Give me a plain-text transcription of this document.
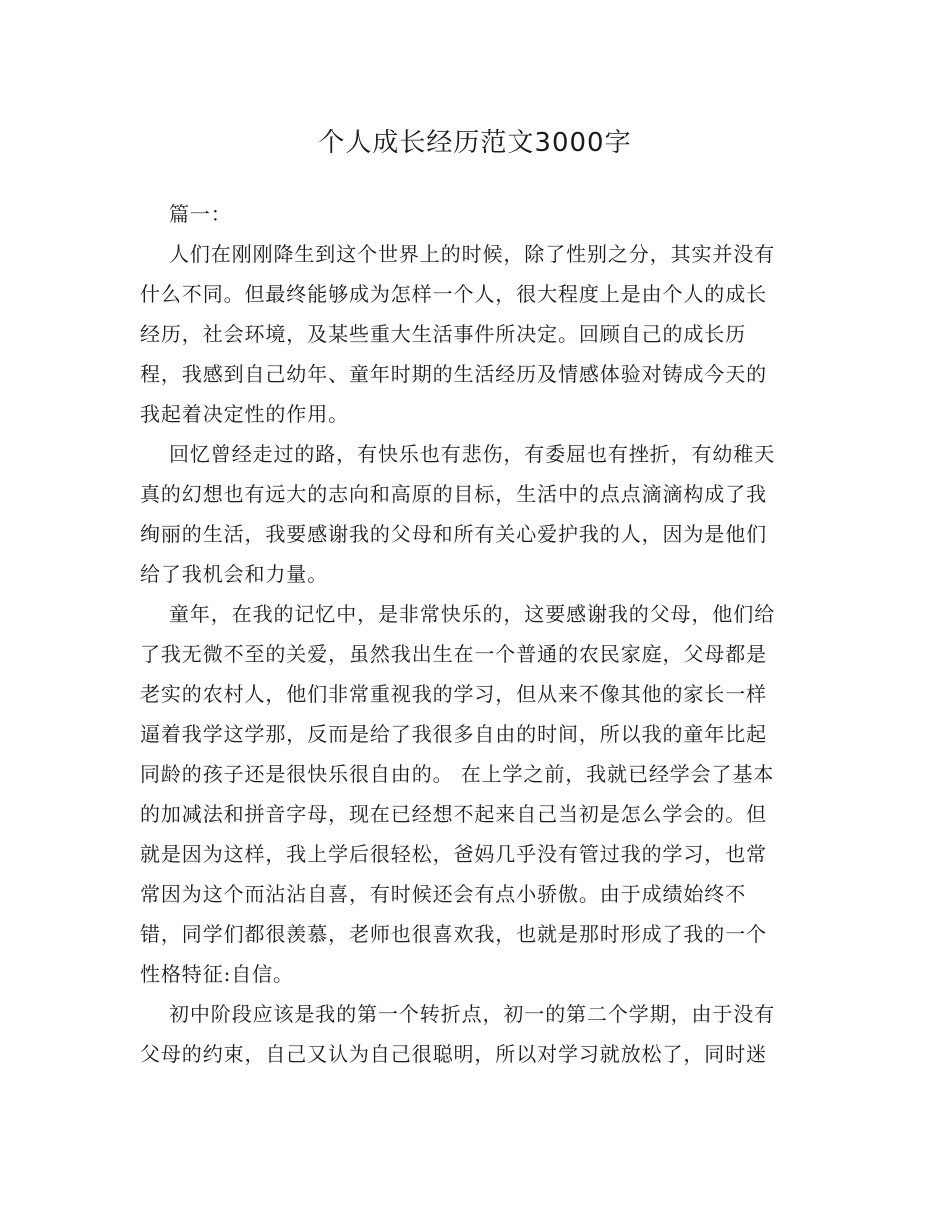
个人成长经历范文3000字
篇一：
人们在刚刚降生到这个世界上的时候，除了性别之分，其实并没有
什么不同。但最终能够成为怎样一个人，很大程度上是由个人的成长
经历，社会环境，及某些重大生活事件所决定。回顾自己的成长历
程，我感到自己幼年、童年时期的生活经历及情感体验对铸成今天的
我起着决定性的作用。
回忆曾经走过的路，有快乐也有悲伤，有委屈也有挫折，有幼稚天
真的幻想也有远大的志向和高原的目标，生活中的点点滴滴构成了我
绚丽的生活，我要感谢我的父母和所有关心爱护我的人，因为是他们
给了我机会和力量。
童年，在我的记忆中，是非常快乐的，这要感谢我的父母，他们给
了我无微不至的关爱，虽然我出生在一个普通的农民家庭，父母都是
老实的农村人，他们非常重视我的学习，但从来不像其他的家长一样
逼着我学这学那，反而是给了我很多自由的时间，所以我的童年比起
同龄的孩子还是很快乐很自由的。 在上学之前，我就已经学会了基本
的加减法和拼音字母，现在已经想不起来自己当初是怎么学会的。但
就是因为这样，我上学后很轻松，爸妈几乎没有管过我的学习，也常
常因为这个而沾沾自喜，有时候还会有点小骄傲。由于成绩始终不
错，同学们都很羡慕，老师也很喜欢我，也就是那时形成了我的一个
性格特征:自信。
初中阶段应该是我的第一个转折点，初一的第二个学期，由于没有
父母的约束，自己又认为自己很聪明，所以对学习就放松了，同时迷
